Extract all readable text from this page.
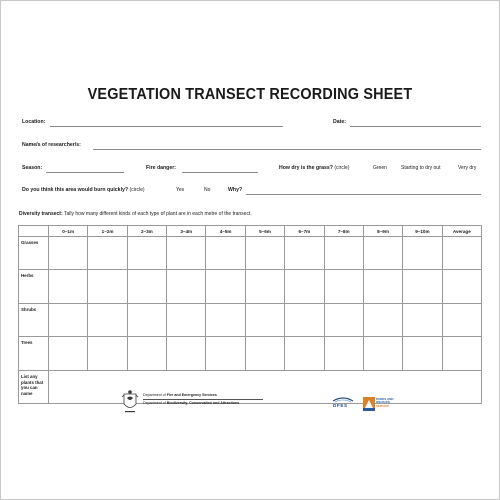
VEGETATION TRANSECT RECORDING SHEET
Location:	Date:
Name/s of researcher/s:
Season:	Fire danger:	How dry is the grass? (circle)	Green	Starting to dry out	Very dry
Do you think this area would burn quickly? (circle)	Yes	No	Why?
Diversity transect: Tally how many different kinds of each type of plant are in each metre of the transect.
	0–1m	1–2m	2–3m	3–4m	4–5m	5–6m	6–7m	7–8m	8–9m	9–10m	Average
Grasses											
Herbs											
Shrubs											
Trees											
List any plants that you can name												Department of Fire and Emergency Services
Department of Biodiversity, Conservation and Attractions	DFES
PARKS AND
WILDLIFE
SERVICE
